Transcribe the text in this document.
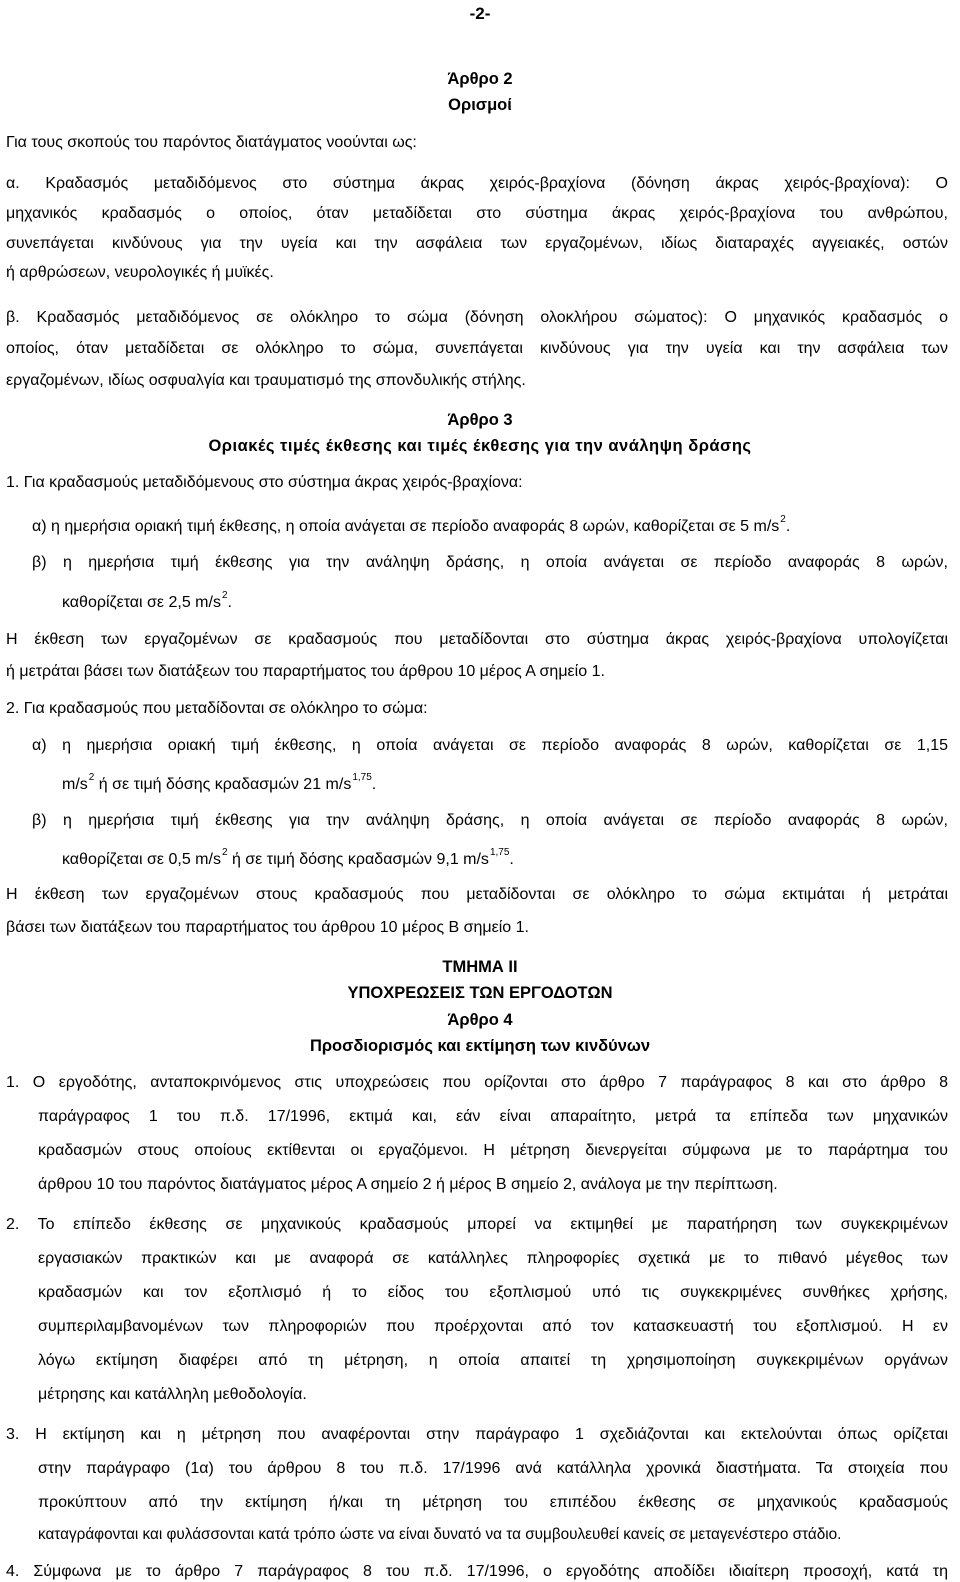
-2-
Άρθρο 2
Ορισμοί
Για τους σκοπούς του παρόντος διατάγματος νοούνται ως:
α. Κραδασμός μεταδιδόμενος στο σύστημα άκρας χειρός-βραχίονα (δόνηση άκρας χειρός-βραχίονα): Ο
μηχανικός κραδασμός ο οποίος, όταν μεταδίδεται στο σύστημα άκρας χειρός-βραχίονα του ανθρώπου,
συνεπάγεται κινδύνους για την υγεία και την ασφάλεια των εργαζομένων, ιδίως διαταραχές αγγειακές, οστών
ή αρθρώσεων, νευρολογικές ή μυϊκές.
β. Κραδασμός μεταδιδόμενος σε ολόκληρο το σώμα (δόνηση ολοκλήρου σώματος): Ο μηχανικός κραδασμός ο
οποίος, όταν μεταδίδεται σε ολόκληρο το σώμα, συνεπάγεται κινδύνους για την υγεία και την ασφάλεια των
εργαζομένων, ιδίως οσφυαλγία και τραυματισμό της σπονδυλικής στήλης.
Άρθρο 3
Οριακές τιμές έκθεσης και τιμές έκθεσης για την ανάληψη δράσης
1. Για κραδασμούς μεταδιδόμενους στο σύστημα άκρας χειρός-βραχίονα:
α) η ημερήσια οριακή τιμή έκθεσης, η οποία ανάγεται σε περίοδο αναφοράς 8 ωρών, καθορίζεται σε 5 $m/s^2$.
β) η ημερήσια τιμή έκθεσης για την ανάληψη δράσης, η οποία ανάγεται σε περίοδο αναφοράς 8 ωρών,
καθορίζεται σε 2,5 $m/s^2$.
Η έκθεση των εργαζομένων σε κραδασμούς που μεταδίδονται στο σύστημα άκρας χειρός-βραχίονα υπολογίζεται
ή μετράται βάσει των διατάξεων του παραρτήματος του άρθρου 10 μέρος Α σημείο 1.
2. Για κραδασμούς που μεταδίδονται σε ολόκληρο το σώμα:
α) η ημερήσια οριακή τιμή έκθεσης, η οποία ανάγεται σε περίοδο αναφοράς 8 ωρών, καθορίζεται σε 1,15
$m/s^2$ ή σε τιμή δόσης κραδασμών 21 $m/s^{1,75}$.
β) η ημερήσια τιμή έκθεσης για την ανάληψη δράσης, η οποία ανάγεται σε περίοδο αναφοράς 8 ωρών,
καθορίζεται σε 0,5 $m/s^2$ ή σε τιμή δόσης κραδασμών 9,1 $m/s^{1,75}$.
Η έκθεση των εργαζομένων στους κραδασμούς που μεταδίδονται σε ολόκληρο το σώμα εκτιμάται ή μετράται
βάσει των διατάξεων του παραρτήματος του άρθρου 10 μέρος Β σημείο 1.
ΤΜΗΜΑ ΙΙ
ΥΠΟΧΡΕΩΣΕΙΣ ΤΩΝ ΕΡΓΟΔΟΤΩΝ
Άρθρο 4
Προσδιορισμός και εκτίμηση των κινδύνων
1. Ο εργοδότης, ανταποκρινόμενος στις υποχρεώσεις που ορίζονται στο άρθρο 7 παράγραφος 8 και στο άρθρο 8
παράγραφος 1 του π.δ. 17/1996, εκτιμά και, εάν είναι απαραίτητο, μετρά τα επίπεδα των μηχανικών
κραδασμών στους οποίους εκτίθενται οι εργαζόμενοι. Η μέτρηση διενεργείται σύμφωνα με το παράρτημα του
άρθρου 10 του παρόντος διατάγματος μέρος Α σημείο 2 ή μέρος Β σημείο 2, ανάλογα με την περίπτωση.
2. Το επίπεδο έκθεσης σε μηχανικούς κραδασμούς μπορεί να εκτιμηθεί με παρατήρηση των συγκεκριμένων
εργασιακών πρακτικών και με αναφορά σε κατάλληλες πληροφορίες σχετικά με το πιθανό μέγεθος των
κραδασμών και τον εξοπλισμό ή το είδος του εξοπλισμού υπό τις συγκεκριμένες συνθήκες χρήσης,
συμπεριλαμβανομένων των πληροφοριών που προέρχονται από τον κατασκευαστή του εξοπλισμού. Η εν
λόγω εκτίμηση διαφέρει από τη μέτρηση, η οποία απαιτεί τη χρησιμοποίηση συγκεκριμένων οργάνων
μέτρησης και κατάλληλη μεθοδολογία.
3. Η εκτίμηση και η μέτρηση που αναφέρονται στην παράγραφο 1 σχεδιάζονται και εκτελούνται όπως ορίζεται
στην παράγραφο (1α) του άρθρου 8 του π.δ. 17/1996 ανά κατάλληλα χρονικά διαστήματα. Τα στοιχεία που
προκύπτουν από την εκτίμηση ή/και τη μέτρηση του επιπέδου έκθεσης σε μηχανικούς κραδασμούς
καταγράφονται και φυλάσσονται κατά τρόπο ώστε να είναι δυνατό να τα συμβουλευθεί κανείς σε μεταγενέστερο στάδιο.
4. Σύμφωνα με το άρθρο 7 παράγραφος 8 του π.δ. 17/1996, ο εργοδότης αποδίδει ιδιαίτερη προσοχή, κατά τη
